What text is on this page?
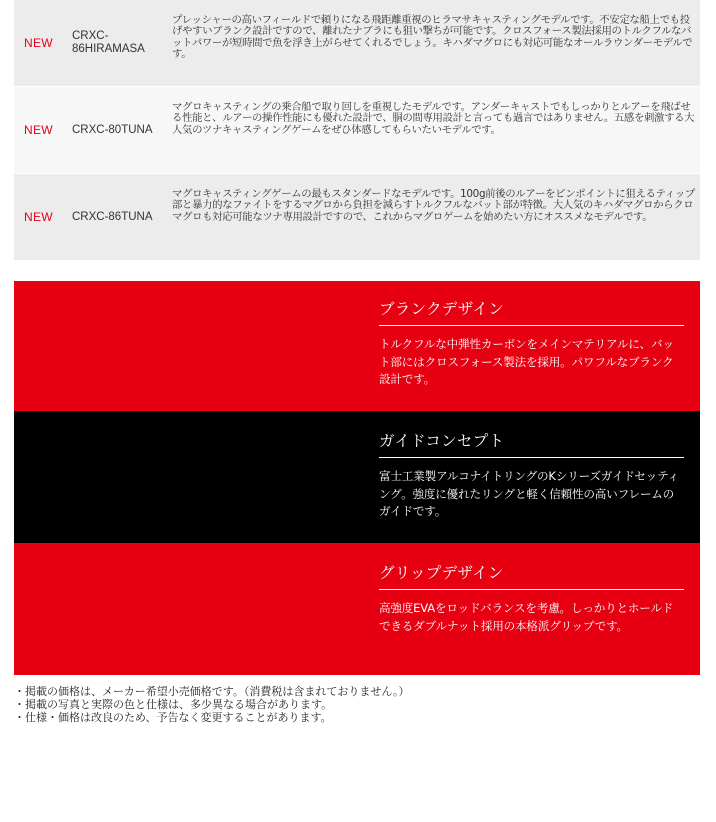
NEW CRXC-86HIRAMASA
プレッシャーの高いフィールドで頼りになる飛距離重視のヒラマサキャスティングモデルです。不安定な船上でも投げやすいブランク設計ですので、離れたナブラにも狙い撃ちが可能です。クロスフォース製法採用のトルクフルなバットパワーが短時間で魚を浮き上がらせてくれるでしょう。キハダマグロにも対応可能なオールラウンダーモデルです。
NEW CRXC-80TUNA
マグロキャスティングの乗合船で取り回しを重視したモデルです。アンダーキャストでもしっかりとルアーを飛ばせる性能と、ルアーの操作性能にも優れた設計で、胴の間専用設計と言っても過言ではありません。五感を刺激する大人気のツナキャスティングゲームをぜひ体感してもらいたいモデルです。
NEW CRXC-86TUNA
マグロキャスティングゲームの最もスタンダードなモデルです。100g前後のルアーをピンポイントに狙えるティップ部と暴力的なファイトをするマグロから負担を減らすトルクフルなバット部が特徴。大人気のキハダマグロからクロマグロも対応可能なツナ専用設計ですので、これからマグロゲームを始めたい方にオススメなモデルです。
ブランクデザイン
トルクフルな中弾性カーボンをメインマテリアルに、バット部にはクロスフォース製法を採用。パワフルなブランク設計です。
ガイドコンセプト
富士工業製アルコナイトリングのKシリーズガイドセッティング。強度に優れたリングと軽く信頼性の高いフレームのガイドです。
グリップデザイン
高強度EVAをロッドバランスを考慮。しっかりとホールドできるダブルナット採用の本格派グリップです。
・掲載の価格は、メーカー希望小売価格です。（消費税は含まれておりません。）
・掲載の写真と実際の色と仕様は、多少異なる場合があります。
・仕様・価格は改良のため、予告なく変更することがあります。
